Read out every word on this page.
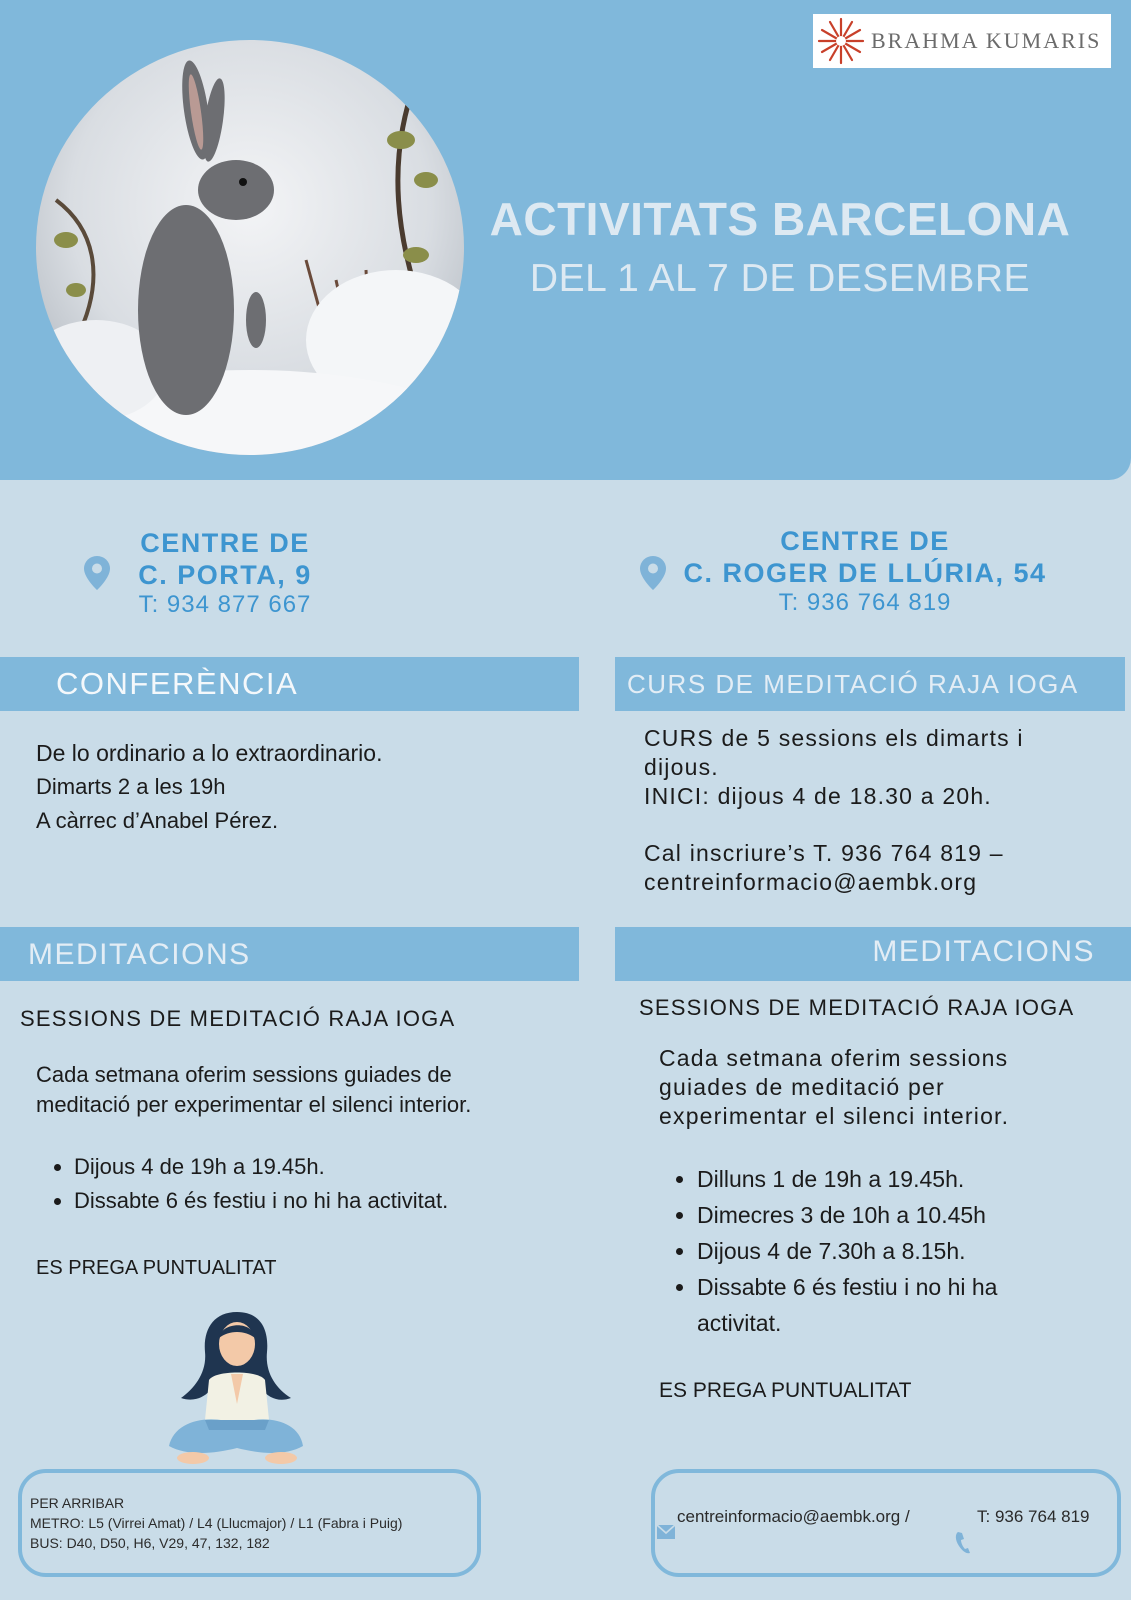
BRAHMA KUMARIS
ACTIVITATS BARCELONA
DEL 1 AL 7 DE DESEMBRE
CENTRE DE
C. PORTA, 9
T: 934 877 667
CENTRE DE
C. ROGER DE LLÚRIA, 54
T: 936 764 819
CONFERÈNCIA
De lo ordinario a lo extraordinario.
Dimarts 2 a les 19h
A càrrec d’Anabel Pérez.
CURS DE MEDITACIÓ RAJA IOGA
CURS de 5 sessions els dimarts i dijous.
INICI: dijous 4 de 18.30 a 20h.
Cal inscriure’s T. 936 764 819 – centreinformacio@aembk.org
MEDITACIONS
SESSIONS DE MEDITACIÓ RAJA IOGA
Cada setmana oferim sessions guiades de meditació per experimentar el silenci interior.
• Dijous 4 de 19h a 19.45h.
• Dissabte 6 és festiu i no hi ha activitat.
ES PREGA PUNTUALITAT
PER ARRIBAR
METRO: L5 (Virrei Amat) / L4 (Llucmajor) / L1 (Fabra i Puig)
BUS: D40, D50, H6, V29, 47, 132, 182
MEDITACIONS
SESSIONS DE MEDITACIÓ RAJA IOGA
Cada setmana oferim sessions guiades de meditació per experimentar el silenci interior.
• Dilluns 1 de 19h a 19.45h.
• Dimecres 3 de 10h a 10.45h
• Dijous 4 de 7.30h a 8.15h.
• Dissabte 6 és festiu i no hi ha activitat.
ES PREGA PUNTUALITAT
centreinformacio@aembk.org /	T: 936 764 819
